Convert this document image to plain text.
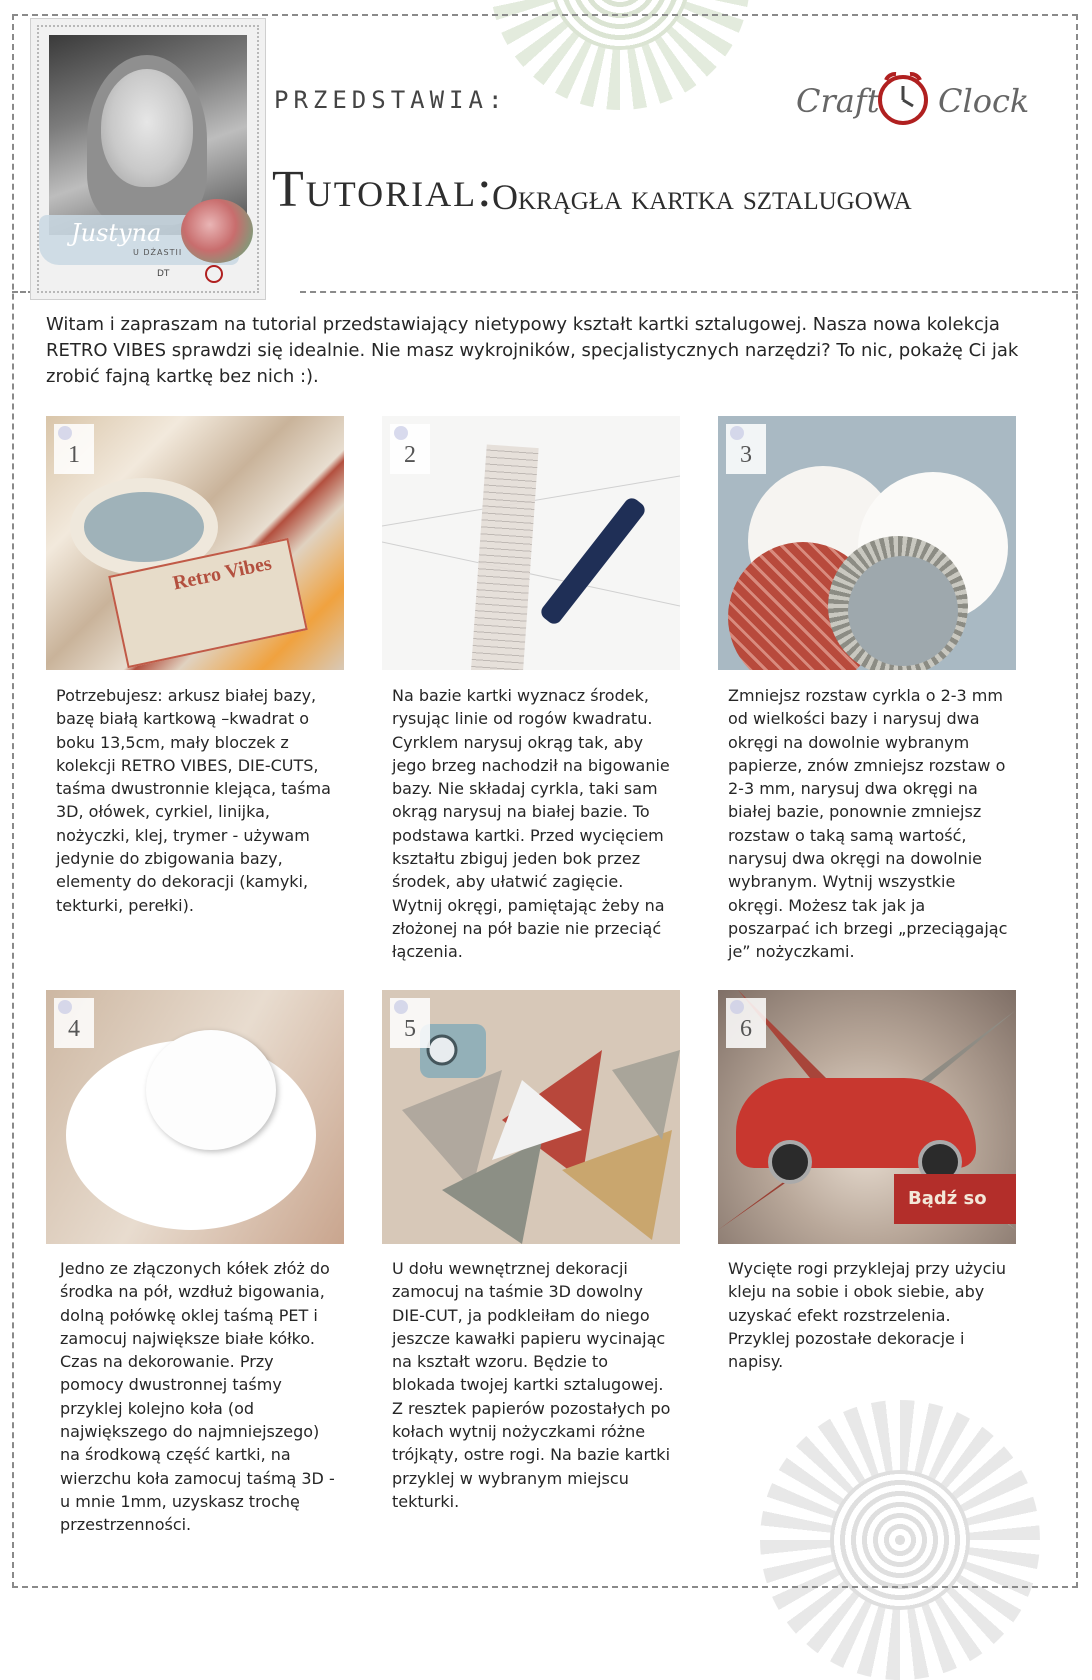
Justyna
U DŻASTII
DT
PRZEDSTAWIA:
Tutorial:
Okrągła kartka sztalugowa
Craft Clock
Witam i zapraszam na tutorial przedstawiający nietypowy kształt kartki sztalugowej. Nasza nowa kolekcja RETRO VIBES sprawdzi się idealnie. Nie masz wykrojników, specjalistycznych narzędzi? To nic, pokażę Ci jak zrobić fajną kartkę bez nich :).
Retro Vibes
1
Potrzebujesz: arkusz białej bazy, bazę białą kartkową –kwadrat o boku 13,5cm, mały bloczek z kolekcji RETRO VIBES, DIE-CUTS, taśma dwustronnie klejąca, taśma 3D, ołówek, cyrkiel, linijka, nożyczki, klej, trymer - używam jedynie do zbigowania bazy, elementy do dekoracji (kamyki, tekturki, perełki).
2
Na bazie kartki wyznacz środek, rysując linie od rogów kwadratu. Cyrklem narysuj okrąg tak, aby jego brzeg nachodził na bigowanie bazy. Nie składaj cyrkla, taki sam okrąg narysuj na białej bazie. To podstawa kartki. Przed wycięciem kształtu zbiguj jeden bok przez środek, aby ułatwić zagięcie. Wytnij okręgi, pamiętając żeby na złożonej na pół bazie nie przeciąć łączenia.
3
Zmniejsz rozstaw cyrkla o 2-3 mm od wielkości bazy i narysuj dwa okręgi na dowolnie wybranym papierze, znów zmniejsz rozstaw o 2-3 mm, narysuj dwa okręgi na białej bazie, ponownie zmniejsz rozstaw o taką samą wartość, narysuj dwa okręgi na dowolnie wybranym. Wytnij wszystkie okręgi. Możesz tak jak ja poszarpać ich brzegi „przeciągając je” nożyczkami.
4
Jedno ze złączonych kółek złóż do środka na pół, wzdłuż bigowania, dolną połówkę oklej taśmą PET i zamocuj największe białe kółko. Czas na dekorowanie. Przy pomocy dwustronnej taśmy przyklej kolejno koła (od największego do najmniejszego) na środkową część kartki, na wierzchu koła zamocuj taśmą 3D - u mnie 1mm, uzyskasz trochę przestrzenności.
5
U dołu wewnętrznej dekoracji zamocuj na taśmie 3D dowolny DIE-CUT, ja podkleiłam do niego jeszcze kawałki papieru wycinając na kształt wzoru. Będzie to blokada twojej kartki sztalugowej. Z resztek papierów pozostałych po kołach wytnij nożyczkami różne trójkąty, ostre rogi. Na bazie kartki przyklej w wybranym miejscu tekturki.
Bądź so
6
Wycięte rogi przyklejaj przy użyciu kleju na sobie i obok siebie, aby uzyskać efekt rozstrzelenia. Przyklej pozostałe dekoracje i napisy.
